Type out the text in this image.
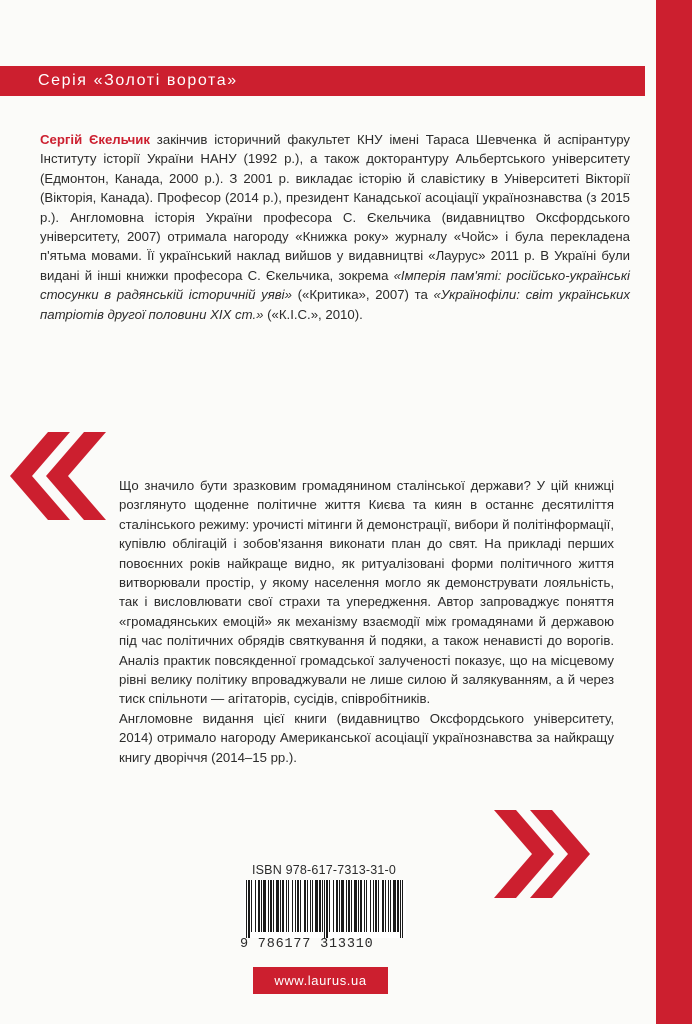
Серія «Золоті ворота»

Сергій Єкельчик закінчив історичний факультет КНУ імені Тараса Шевченка й аспірантуру Інституту історії України НАНУ (1992 р.), а також докторантуру Альбертського університету (Едмонтон, Канада, 2000 р.). З 2001 р. викладає історію й славістику в Університеті Вікторії (Вікторія, Канада). Професор (2014 р.), президент Канадської асоціації українознавства (з 2015 р.). Англомовна історія України професора С. Єкельчика (видавництво Оксфордського університету, 2007) отримала нагороду «Книжка року» журналу «Чойс» і була перекладена п'ятьма мовами. Її український наклад вийшов у видавництві «Лаурус» 2011 р. В Україні були видані й інші книжки професора С. Єкельчика, зокрема «Імперія пам'яті: російсько-українські стосунки в радянській історичній уяві» («Критика», 2007) та «Українофіли: світ українських патріотів другої половини XIX ст.» («К.І.С.», 2010).

Що значило бути зразковим громадянином сталінської держави? У цій книжці розглянуто щоденне політичне життя Києва та киян в останнє десятиліття сталінського режиму: урочисті мітинги й демонстрації, вибори й політінформації, купівлю облігацій і зобов'язання виконати план до свят. На прикладі перших повоєнних років найкраще видно, як ритуалізовані форми політичного життя витворювали простір, у якому населення могло як демонструвати лояльність, так і висловлювати свої страхи та упередження. Автор запроваджує поняття «громадянських емоцій» як механізму взаємодії між громадянами й державою під час політичних обрядів святкування й подяки, а також ненависті до ворогів. Аналіз практик повсякденної громадської залученості показує, що на місцевому рівні велику політику впроваджували не лише силою й залякуванням, а й через тиск спільноти — агітаторів, сусідів, співробітників.

Англомовне видання цієї книги (видавництво Оксфордського університету, 2014) отримало нагороду Американської асоціації українознавства за найкращу книгу дворіччя (2014–15 рр.).

ISBN 978-617-7313-31-0
9 786177 313310
www.laurus.ua
